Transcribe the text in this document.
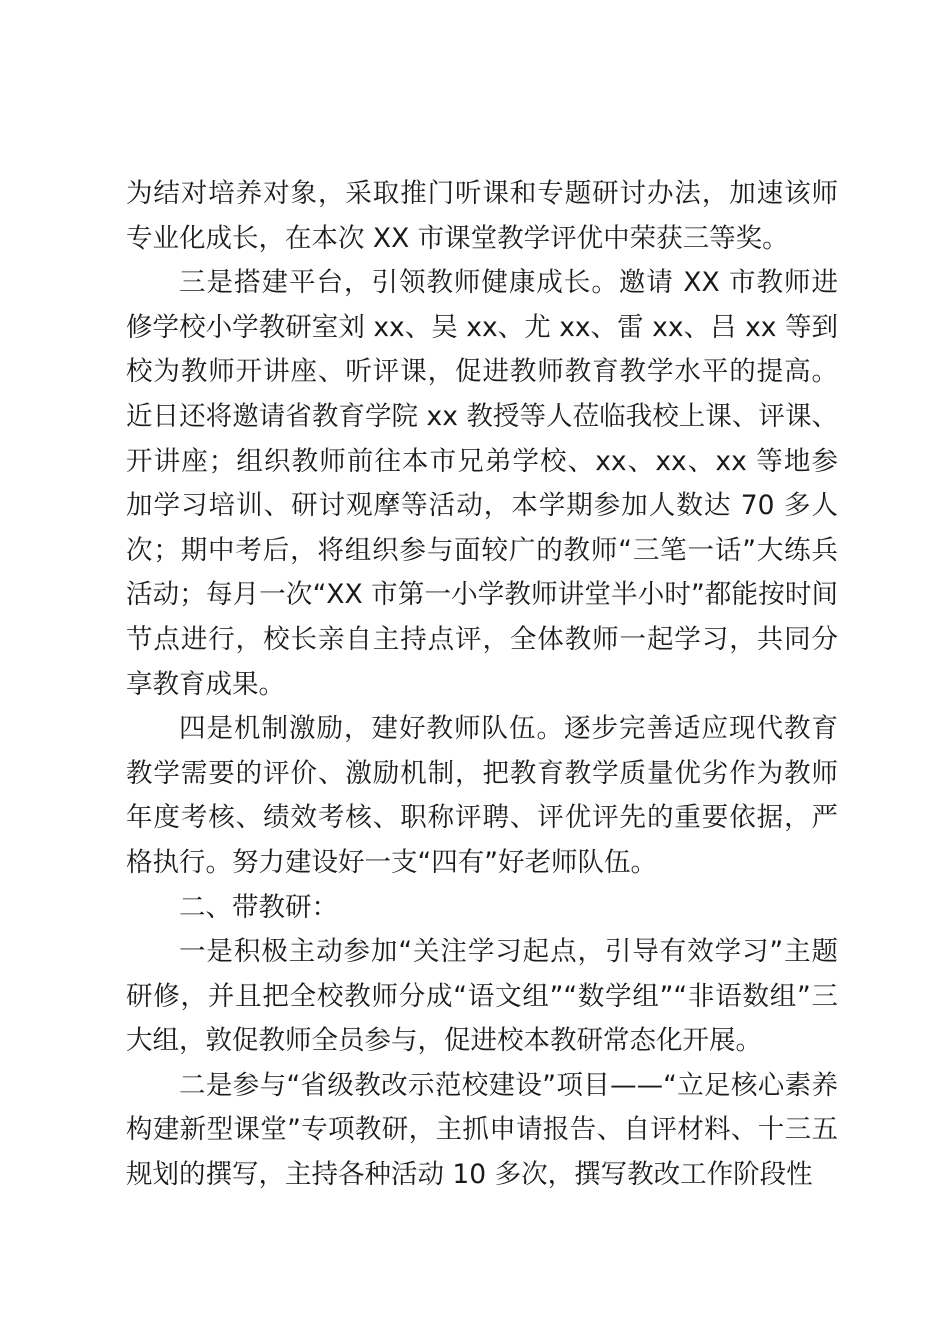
为结对培养对象，采取推门听课和专题研讨办法，加速该师专业化成长，在本次 XX 市课堂教学评优中荣获三等奖。

三是搭建平台，引领教师健康成长。邀请 XX 市教师进修学校小学教研室刘 xx、吴 xx、尤 xx、雷 xx、吕 xx 等到校为教师开讲座、听评课，促进教师教育教学水平的提高。近日还将邀请省教育学院 xx 教授等人莅临我校上课、评课、开讲座；组织教师前往本市兄弟学校、xx、xx、xx 等地参加学习培训、研讨观摩等活动，本学期参加人数达 70 多人次；期中考后，将组织参与面较广的教师“三笔一话”大练兵活动；每月一次“XX 市第一小学教师讲堂半小时”都能按时间节点进行，校长亲自主持点评，全体教师一起学习，共同分享教育成果。

四是机制激励，建好教师队伍。逐步完善适应现代教育教学需要的评价、激励机制，把教育教学质量优劣作为教师年度考核、绩效考核、职称评聘、评优评先的重要依据，严格执行。努力建设好一支“四有”好老师队伍。

二、带教研：

一是积极主动参加“关注学习起点，引导有效学习”主题研修，并且把全校教师分成“语文组”“数学组”“非语数组”三大组，敦促教师全员参与，促进校本教研常态化开展。

二是参与“省级教改示范校建设”项目——“立足核心素养构建新型课堂”专项教研，主抓申请报告、自评材料、十三五规划的撰写，主持各种活动 10 多次，撰写教改工作阶段性
